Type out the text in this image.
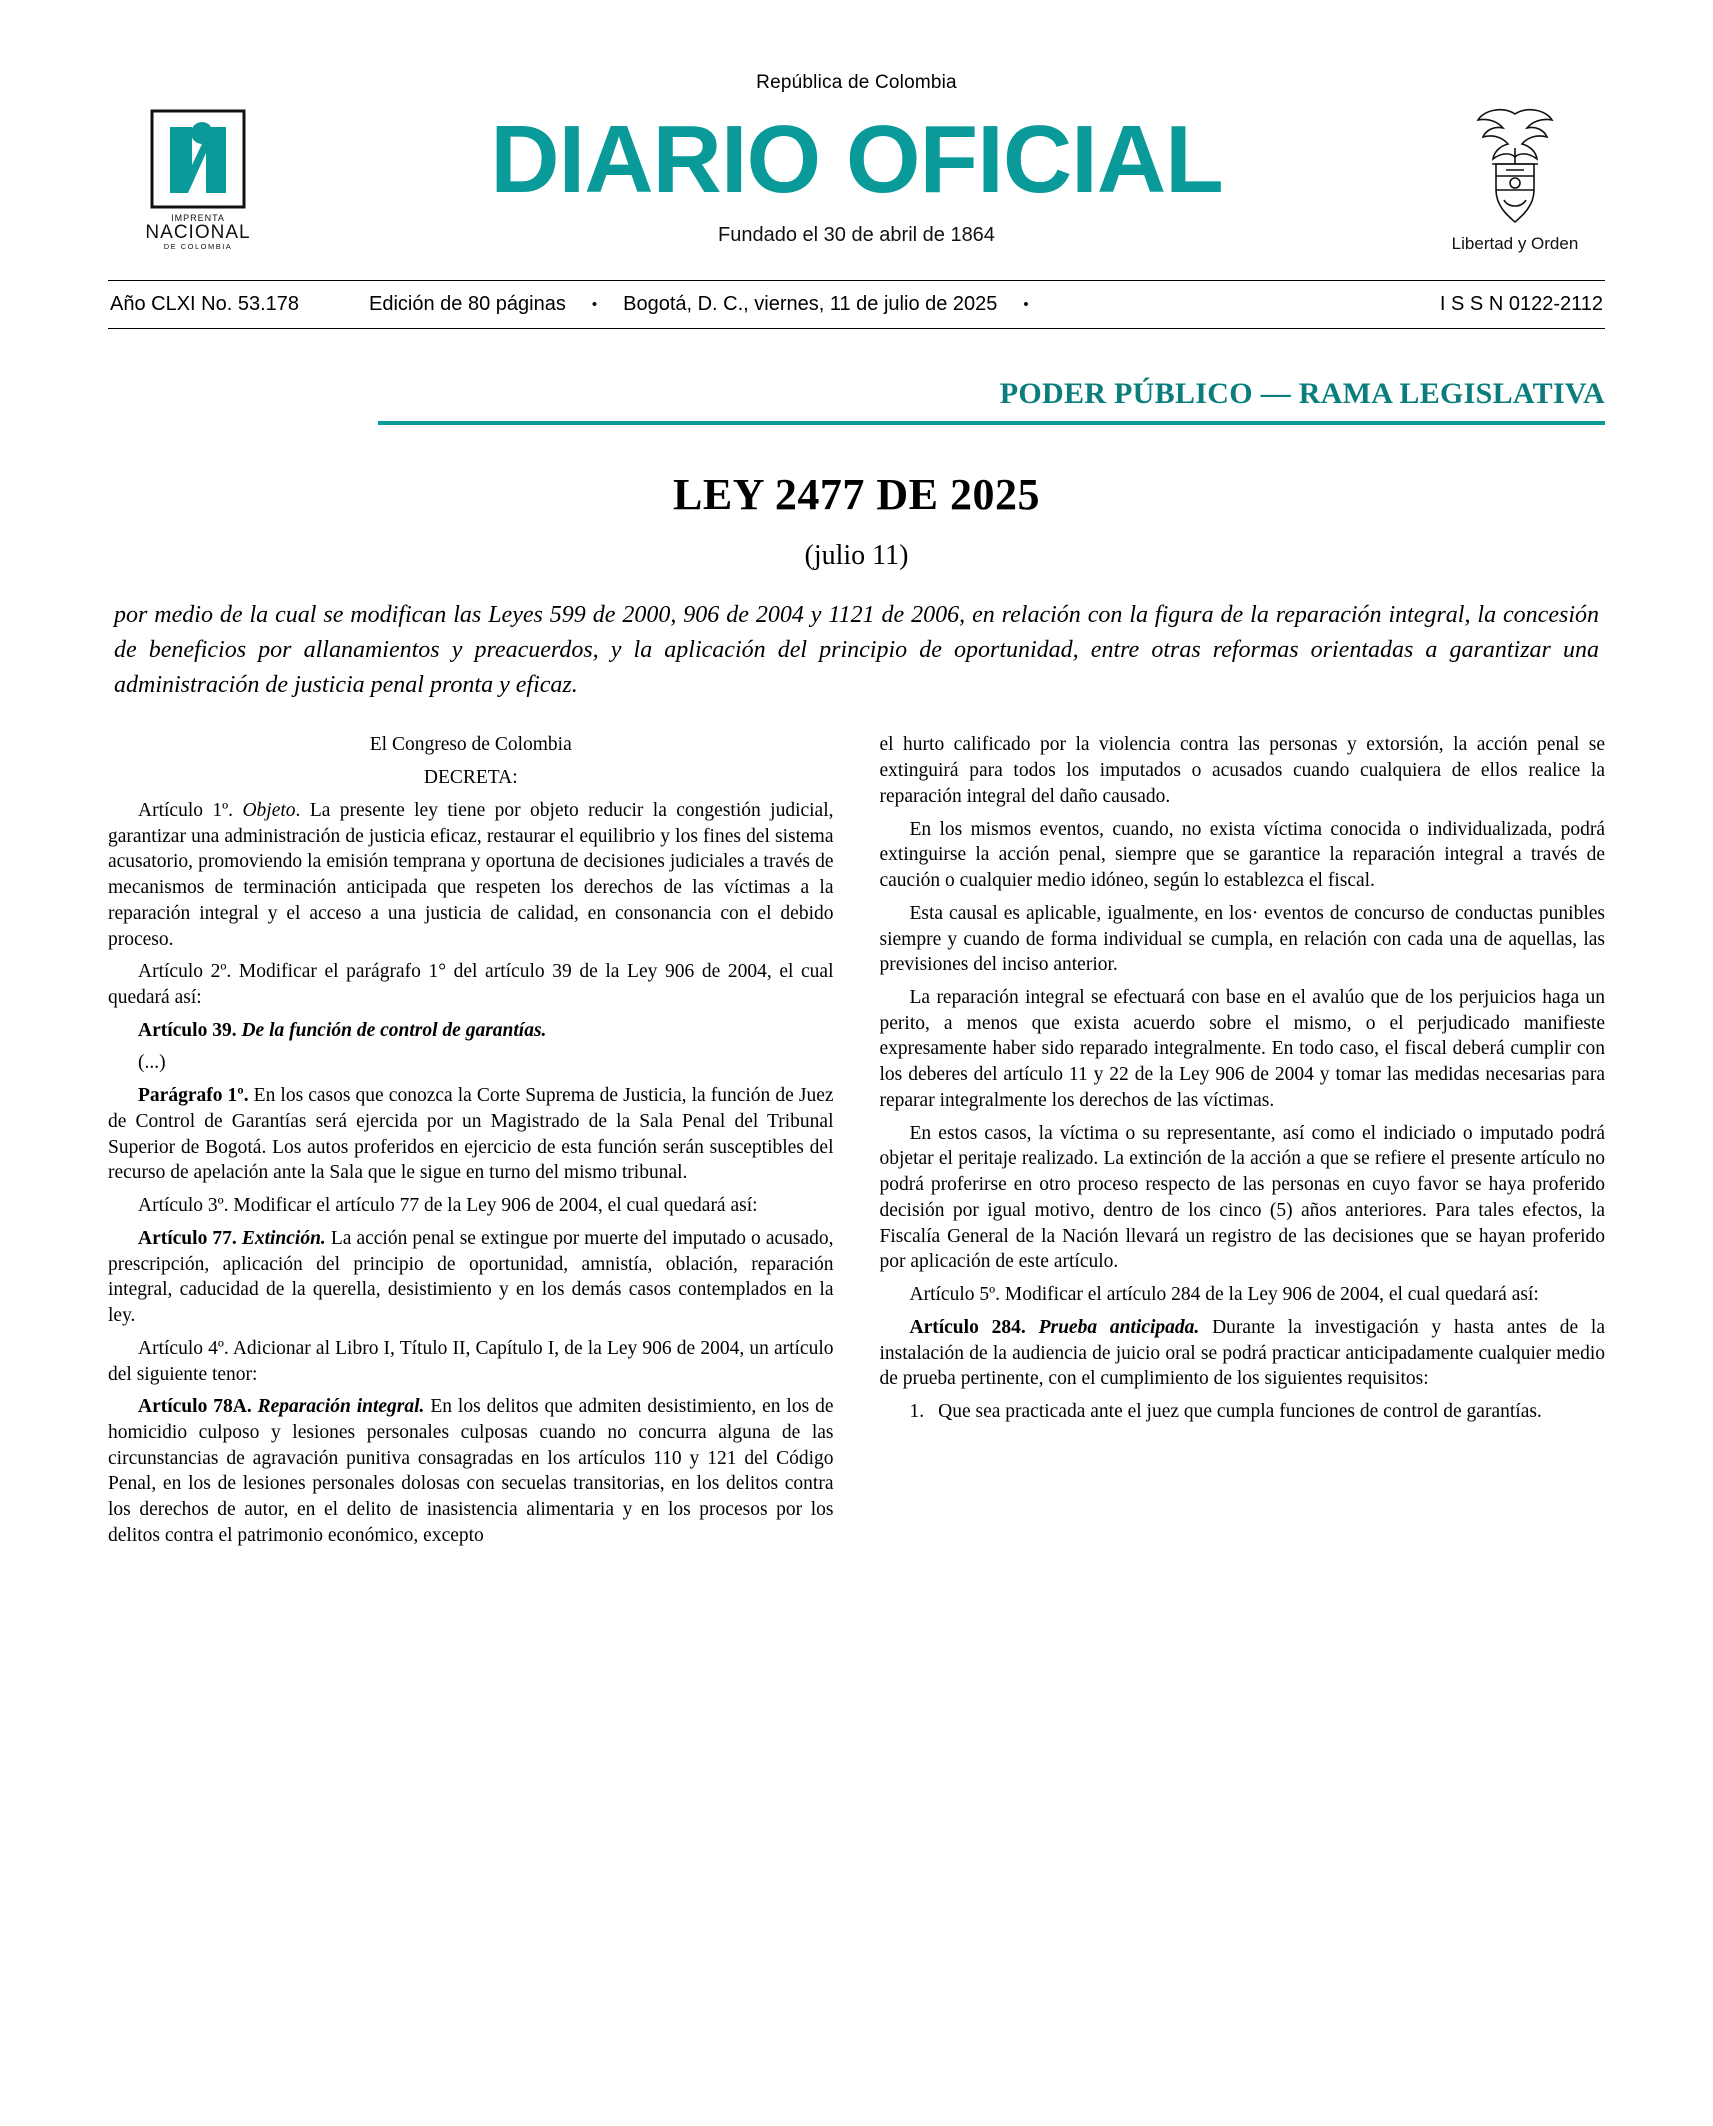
República de Colombia
IMPRENTA
NACIONAL
DE COLOMBIA
DIARIO OFICIAL
Fundado el 30 de abril de 1864	Libertad y Orden
Año CLXI No. 53.178	Edición de 80 páginas	•	Bogotá, D. C., viernes, 11 de julio de 2025	•	I S S N 0122-2112
PODER PÚBLICO — RAMA LEGISLATIVA
LEY 2477 DE 2025
(julio 11)
por medio de la cual se modifican las Leyes 599 de 2000, 906 de 2004 y 1121 de 2006, en relación con la figura de la reparación integral, la concesión de beneficios por allanamientos y preacuerdos, y la aplicación del principio de oportunidad, entre otras reformas orientadas a garantizar una administración de justicia penal pronta y eficaz.

El Congreso de Colombia

DECRETA:

Artículo 1º. Objeto. La presente ley tiene por objeto reducir la congestión judicial, garantizar una administración de justicia eficaz, restaurar el equilibrio y los fines del sistema acusatorio, promoviendo la emisión temprana y oportuna de decisiones judiciales a través de mecanismos de terminación anticipada que respeten los derechos de las víctimas a la reparación integral y el acceso a una justicia de calidad, en consonancia con el debido proceso.

Artículo 2º. Modificar el parágrafo 1° del artículo 39 de la Ley 906 de 2004, el cual quedará así:

Artículo 39. De la función de control de garantías.

(...)

Parágrafo 1º. En los casos que conozca la Corte Suprema de Justicia, la función de Juez de Control de Garantías será ejercida por un Magistrado de la Sala Penal del Tribunal Superior de Bogotá. Los autos proferidos en ejercicio de esta función serán susceptibles del recurso de apelación ante la Sala que le sigue en turno del mismo tribunal.

Artículo 3º. Modificar el artículo 77 de la Ley 906 de 2004, el cual quedará así:

Artículo 77. Extinción. La acción penal se extingue por muerte del imputado o acusado, prescripción, aplicación del principio de oportunidad, amnistía, oblación, reparación integral, caducidad de la querella, desistimiento y en los demás casos contemplados en la ley.

Artículo 4º. Adicionar al Libro I, Título II, Capítulo I, de la Ley 906 de 2004, un artículo del siguiente tenor:

Artículo 78A. Reparación integral. En los delitos que admiten desistimiento, en los de homicidio culposo y lesiones personales culposas cuando no concurra alguna de las circunstancias de agravación punitiva consagradas en los artículos 110 y 121 del Código Penal, en los de lesiones personales dolosas con secuelas transitorias, en los delitos contra los derechos de autor, en el delito de inasistencia alimentaria y en los procesos por los delitos contra el patrimonio económico, excepto

el hurto calificado por la violencia contra las personas y extorsión, la acción penal se extinguirá para todos los imputados o acusados cuando cualquiera de ellos realice la reparación integral del daño causado.

En los mismos eventos, cuando, no exista víctima conocida o individualizada, podrá extinguirse la acción penal, siempre que se garantice la reparación integral a través de caución o cualquier medio idóneo, según lo establezca el fiscal.

Esta causal es aplicable, igualmente, en los· eventos de concurso de conductas punibles siempre y cuando de forma individual se cumpla, en relación con cada una de aquellas, las previsiones del inciso anterior.

La reparación integral se efectuará con base en el avalúo que de los perjuicios haga un perito, a menos que exista acuerdo sobre el mismo, o el perjudicado manifieste expresamente haber sido reparado integralmente. En todo caso, el fiscal deberá cumplir con los deberes del artículo 11 y 22 de la Ley 906 de 2004 y tomar las medidas necesarias para reparar integralmente los derechos de las víctimas.

En estos casos, la víctima o su representante, así como el indiciado o imputado podrá objetar el peritaje realizado. La extinción de la acción a que se refiere el presente artículo no podrá proferirse en otro proceso respecto de las personas en cuyo favor se haya proferido decisión por igual motivo, dentro de los cinco (5) años anteriores. Para tales efectos, la Fiscalía General de la Nación llevará un registro de las decisiones que se hayan proferido por aplicación de este artículo.

Artículo 5º. Modificar el artículo 284 de la Ley 906 de 2004, el cual quedará así:

Artículo 284. Prueba anticipada. Durante la investigación y hasta antes de la instalación de la audiencia de juicio oral se podrá practicar anticipadamente cualquier medio de prueba pertinente, con el cumplimiento de los siguientes requisitos:

1. Que sea practicada ante el juez que cumpla funciones de control de garantías.
